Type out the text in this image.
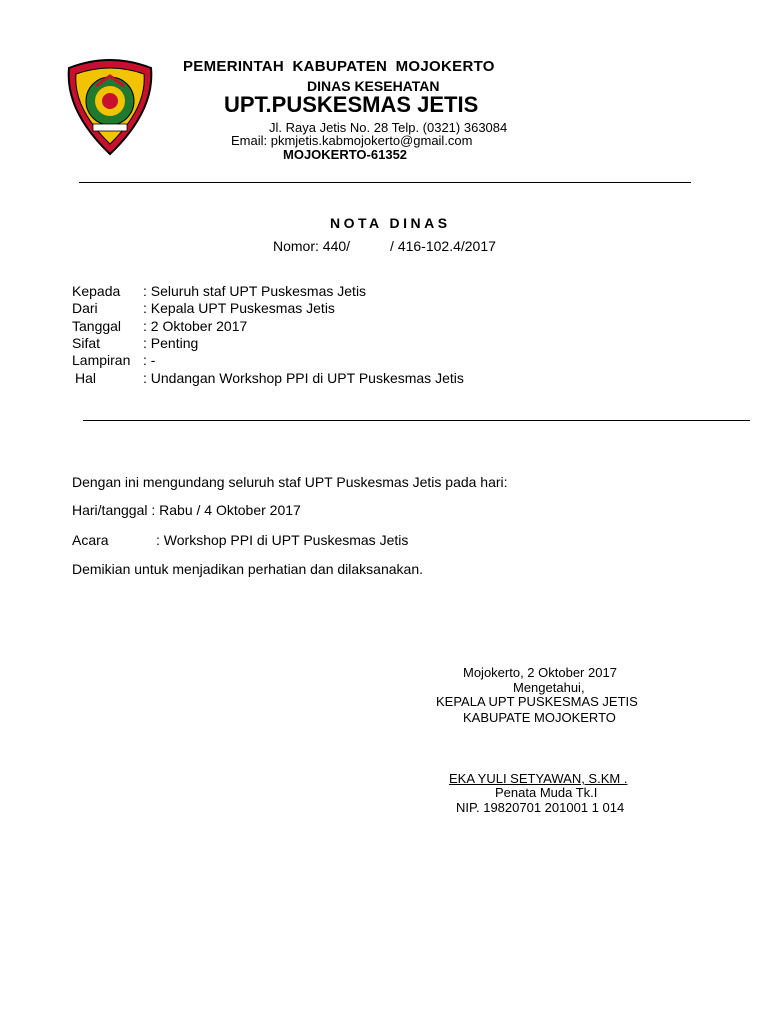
PEMERINTAH KABUPATEN MOJOKERTO
DINAS KESEHATAN
UPT.PUSKESMAS JETIS
Jl. Raya Jetis No. 28 Telp. (0321) 363084
Email: pkmjetis.kabmojokerto@gmail.com
MOJOKERTO-61352
NOTA DINAS
Nomor: 440/	/ 416-102.4/2017
Kepada : Seluruh staf UPT Puskesmas Jetis
Dari	: Kepala UPT Puskesmas Jetis
Tanggal : 2 Oktober 2017
Sifat	: Penting
Lampiran : -
Hal	: Undangan Workshop PPI di UPT Puskesmas Jetis
Dengan ini mengundang seluruh staf UPT Puskesmas Jetis pada hari:
Hari/tanggal : Rabu / 4 Oktober 2017
Acara	: Workshop PPI di UPT Puskesmas Jetis
Demikian untuk menjadikan perhatian dan dilaksanakan.
Mojokerto, 2 Oktober 2017
Mengetahui,
KEPALA UPT PUSKESMAS JETIS
KABUPATE MOJOKERTO
EKA YULI SETYAWAN, S.KM .
Penata Muda Tk.I
NIP. 19820701 201001 1 014
